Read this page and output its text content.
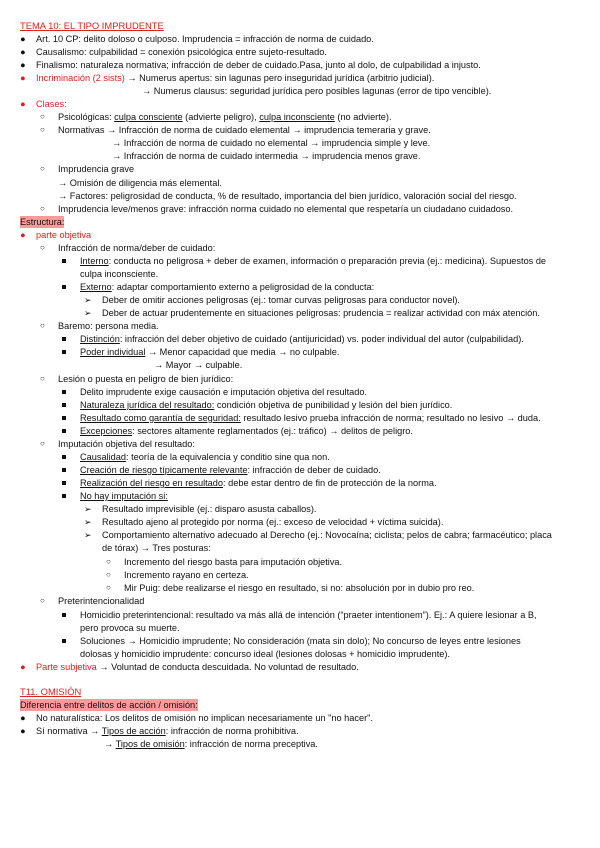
TEMA 10: EL TIPO IMPRUDENTE
● Art. 10 CP: delito doloso o culposo. Imprudencia = infracción de norma de cuidado.
● Causalismo: culpabilidad = conexión psicológica entre sujeto-resultado.
● Finalismo: naturaleza normativa; infracción de deber de cuidado.Pasa, junto al dolo, de culpabilidad a injusto.
● Incriminación (2 sists) → Numerus apertus: sin lagunas pero inseguridad jurídica (arbitrio judicial).
→ Numerus clausus: seguridad jurídica pero posibles lagunas (error de tipo vencible).
● Clases:
○ Psicológicas: culpa consciente (advierte peligro), culpa inconsciente (no advierte).
○ Normativas → Infracción de norma de cuidado elemental → imprudencia temeraria y grave.
→ Infracción de norma de cuidado no elemental → imprudencia simple y leve.
→ Infracción de norma de cuidado intermedia → imprudencia menos grave.
○ Imprudencia grave
→ Omisión de diligencia más elemental.
→ Factores: peligrosidad de conducta, % de resultado, importancia del bien jurídico, valoración social del riesgo.
○ Imprudencia leve/menos grave: infracción norma cuidado no elemental que respetaría un ciudadano cuidadoso.
Estructura:
● parte objetiva
○ Infracción de norma/deber de cuidado:
Interno: conducta no peligrosa + deber de examen, información o preparación previa (ej.: medicina). Supuestos de
culpa inconsciente.
Externo: adaptar comportamiento externo a peligrosidad de la conducta:
➢ Deber de omitir acciones peligrosas (ej.: tomar curvas peligrosas para conductor novel).
➢ Deber de actuar prudentemente en situaciones peligrosas: prudencia = realizar actividad con máx atención.
○ Baremo: persona media.
Distinción: infracción del deber objetivo de cuidado (antijuricidad) vs. poder individual del autor (culpabilidad).
Poder individual → Menor capacidad que media → no culpable.
→ Mayor → culpable.
○ Lesión o puesta en peligro de bien jurídico:
Delito imprudente exige causación e imputación objetiva del resultado.
Naturaleza jurídica del resultado: condición objetiva de punibilidad y lesión del bien jurídico.
Resultado como garantía de seguridad: resultado lesivo prueba infracción de norma; resultado no lesivo → duda.
Excepciones: sectores altamente reglamentados (ej.: tráfico) → delitos de peligro.
○ Imputación objetiva del resultado:
Causalidad: teoría de la equivalencia y conditio sine qua non.
Creación de riesgo típicamente relevante: infracción de deber de cuidado.
Realización del riesgo en resultado: debe estar dentro de fin de protección de la norma.
No hay imputación si:
➢ Resultado imprevisible (ej.: disparo asusta caballos).
➢ Resultado ajeno al protegido por norma (ej.: exceso de velocidad + víctima suicida).
➢ Comportamiento alternativo adecuado al Derecho (ej.: Novocaína; ciclista; pelos de cabra; farmacéutico; placa
de tórax) → Tres posturas:
○ Incremento del riesgo basta para imputación objetiva.
○ Incremento rayano en certeza.
○ Mir Puig: debe realizarse el riesgo en resultado, si no: absolución por in dubio pro reo.
○ Preterintencionalidad
Homicidio preterintencional: resultado va más allá de intención (“praeter intentionem”). Ej.: A quiere lesionar a B,
pero provoca su muerte.
Soluciones → Homicidio imprudente; No consideración (mata sin dolo); No concurso de leyes entre lesiones
dolosas y homicidio imprudente: concurso ideal (lesiones dolosas + homicidio imprudente).
● Parte subjetiva → Voluntad de conducta descuidada. No voluntad de resultado.
T11. OMISIÓN
Diferencia entre delitos de acción / omisión:
● No naturalística: Los delitos de omisión no implican necesariamente un "no hacer".
● Sí normativa → Tipos de acción: infracción de norma prohibitiva.
→ Tipos de omisión: infracción de norma preceptiva.
